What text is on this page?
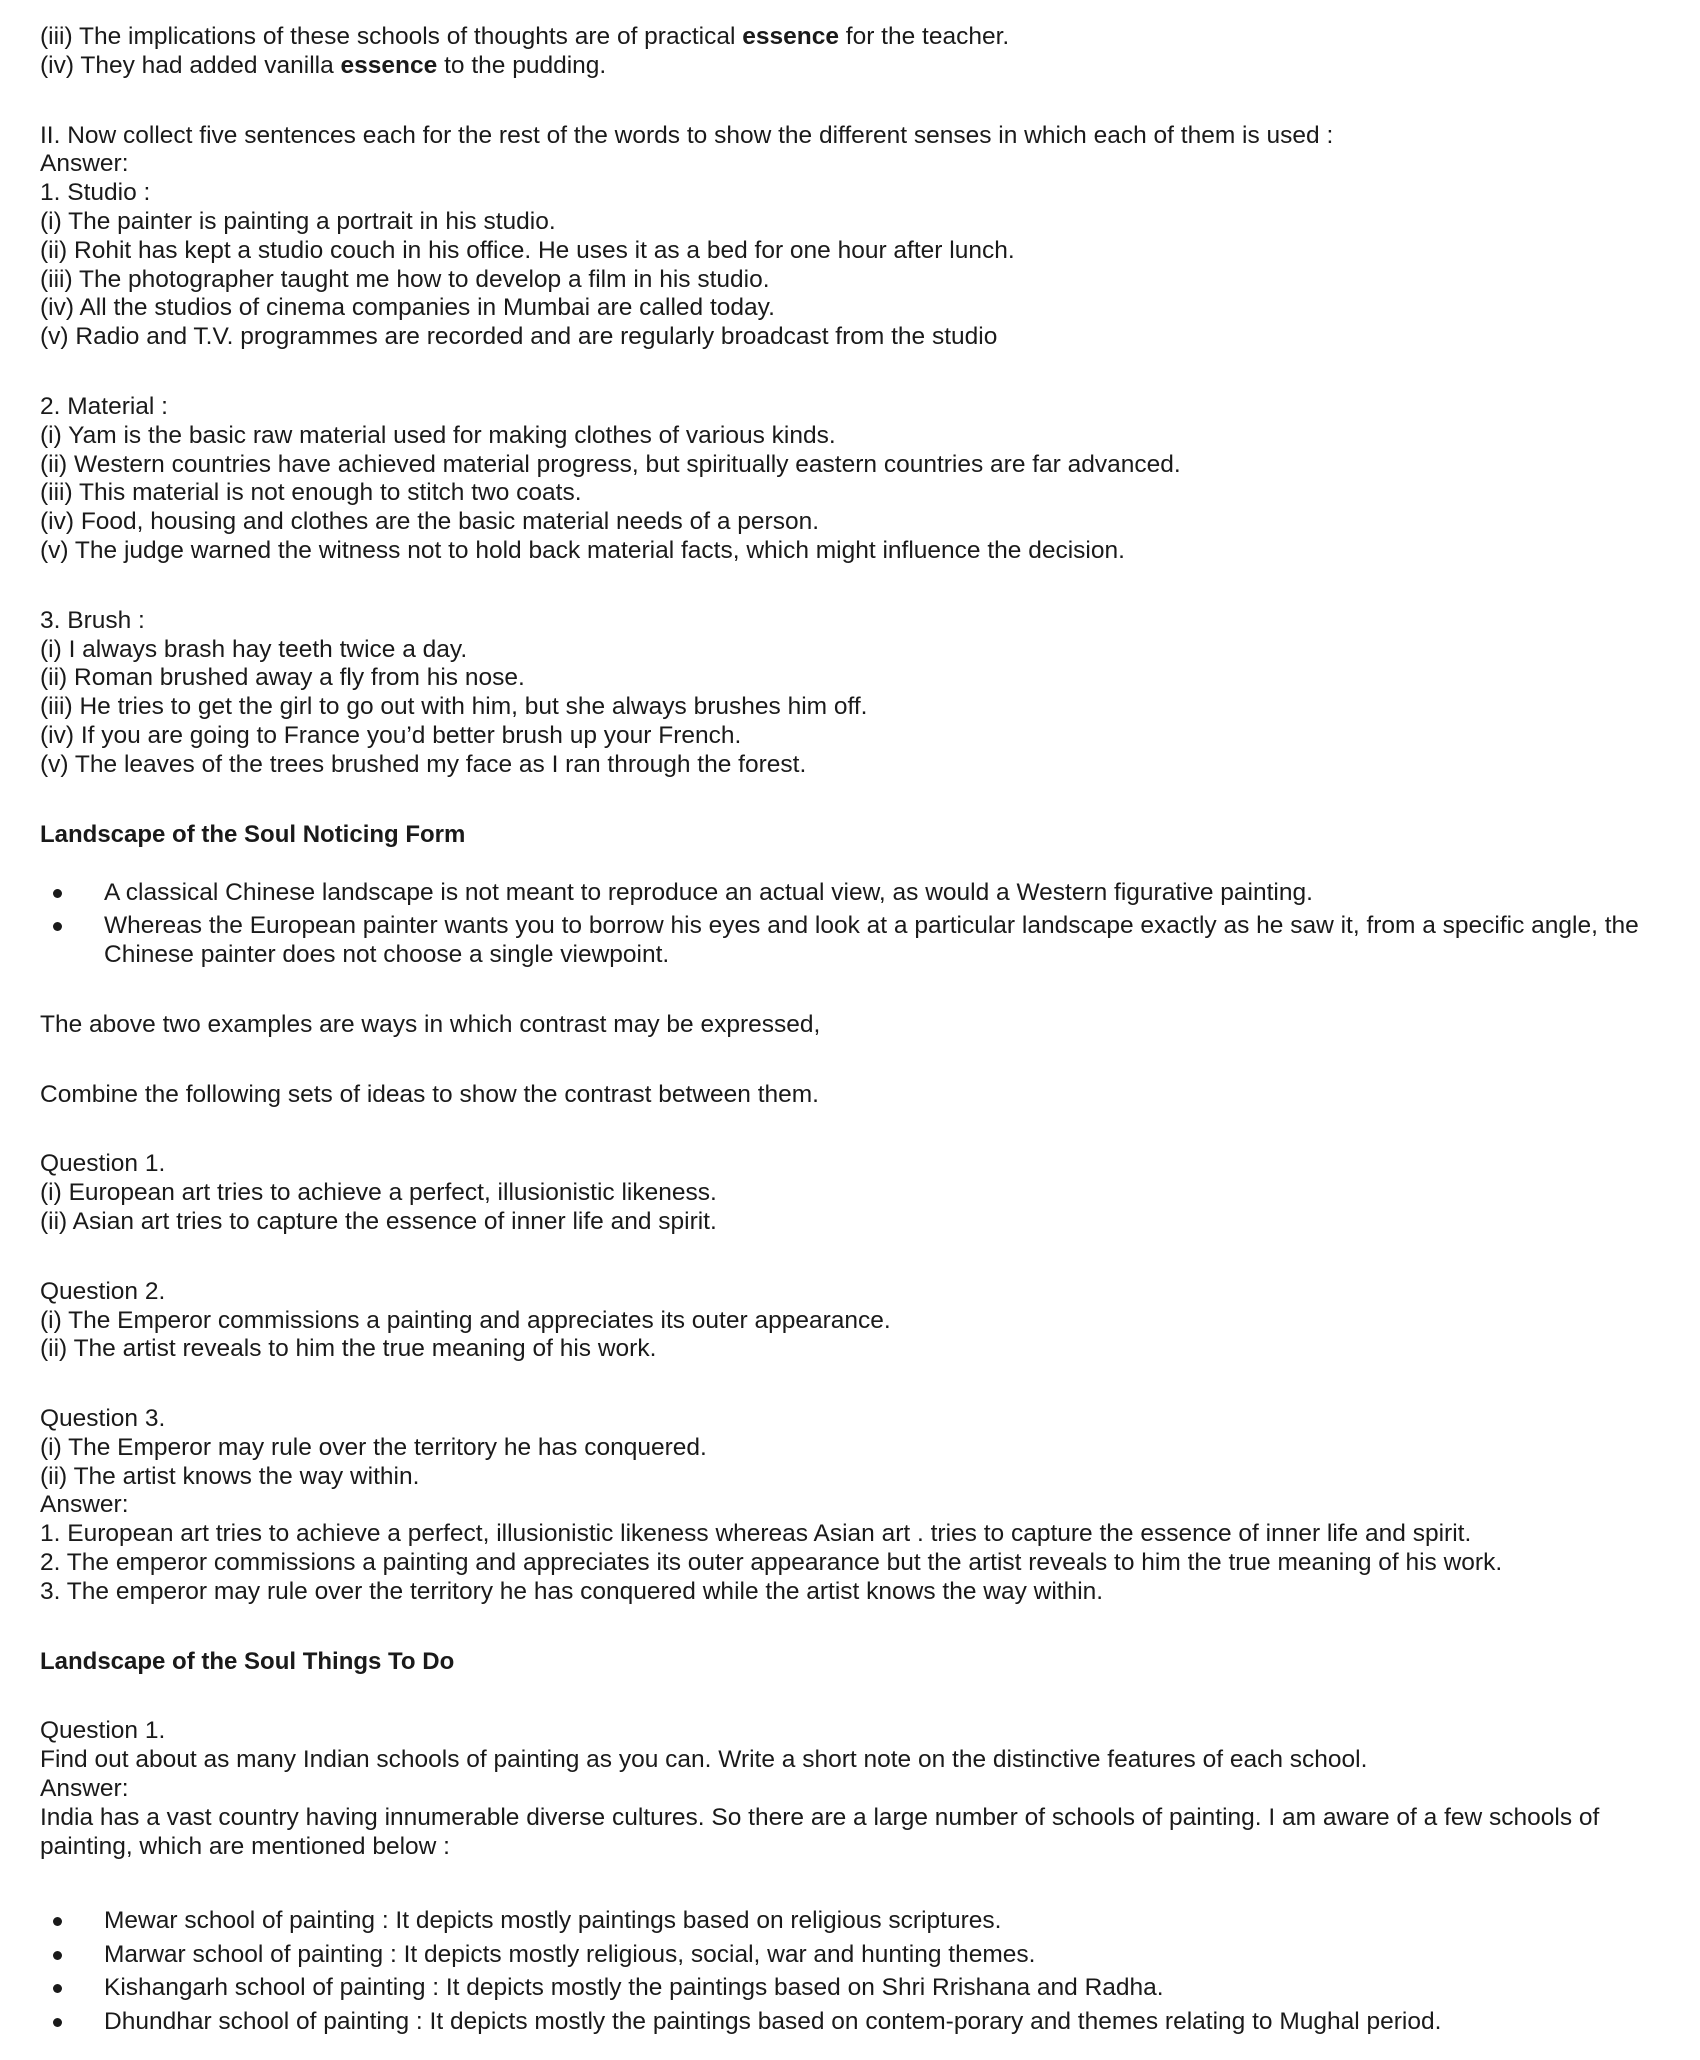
(iii) The implications of these schools of thoughts are of practical essence for the teacher.
(iv) They had added vanilla essence to the pudding.
II. Now collect five sentences each for the rest of the words to show the different senses in which each of them is used :
Answer:
1. Studio :
(i) The painter is painting a portrait in his studio.
(ii) Rohit has kept a studio couch in his office. He uses it as a bed for one hour after lunch.
(iii) The photographer taught me how to develop a film in his studio.
(iv) All the studios of cinema companies in Mumbai are called today.
(v) Radio and T.V. programmes are recorded and are regularly broadcast from the studio
2. Material :
(i) Yam is the basic raw material used for making clothes of various kinds.
(ii) Western countries have achieved material progress, but spiritually eastern countries are far advanced.
(iii) This material is not enough to stitch two coats.
(iv) Food, housing and clothes are the basic material needs of a person.
(v) The judge warned the witness not to hold back material facts, which might influence the decision.
3. Brush :
(i) I always brash hay teeth twice a day.
(ii) Roman brushed away a fly from his nose.
(iii) He tries to get the girl to go out with him, but she always brushes him off.
(iv) If you are going to France you’d better brush up your French.
(v) The leaves of the trees brushed my face as I ran through the forest.
Landscape of the Soul Noticing Form
A classical Chinese landscape is not meant to reproduce an actual view, as would a Western figurative painting.
Whereas the European painter wants you to borrow his eyes and look at a particular landscape exactly as he saw it, from a specific angle, the Chinese painter does not choose a single viewpoint.
The above two examples are ways in which contrast may be expressed,
Combine the following sets of ideas to show the contrast between them.
Question 1.
(i) European art tries to achieve a perfect, illusionistic likeness.
(ii) Asian art tries to capture the essence of inner life and spirit.
Question 2.
(i) The Emperor commissions a painting and appreciates its outer appearance.
(ii) The artist reveals to him the true meaning of his work.
Question 3.
(i) The Emperor may rule over the territory he has conquered.
(ii) The artist knows the way within.
Answer:
1. European art tries to achieve a perfect, illusionistic likeness whereas Asian art . tries to capture the essence of inner life and spirit.
2. The emperor commissions a painting and appreciates its outer appearance but the artist reveals to him the true meaning of his work.
3. The emperor may rule over the territory he has conquered while the artist knows the way within.
Landscape of the Soul Things To Do
Question 1.
Find out about as many Indian schools of painting as you can. Write a short note on the distinctive features of each school.
Answer:
India has a vast country having innumerable diverse cultures. So there are a large number of schools of painting. I am aware of a few schools of painting, which are mentioned below :
Mewar school of painting : It depicts mostly paintings based on religious scriptures.
Marwar school of painting : It depicts mostly religious, social, war and hunting themes.
Kishangarh school of painting : It depicts mostly the paintings based on Shri Rrishana and Radha.
Dhundhar school of painting : It depicts mostly the paintings based on contem-porary and themes relating to Mughal period.
